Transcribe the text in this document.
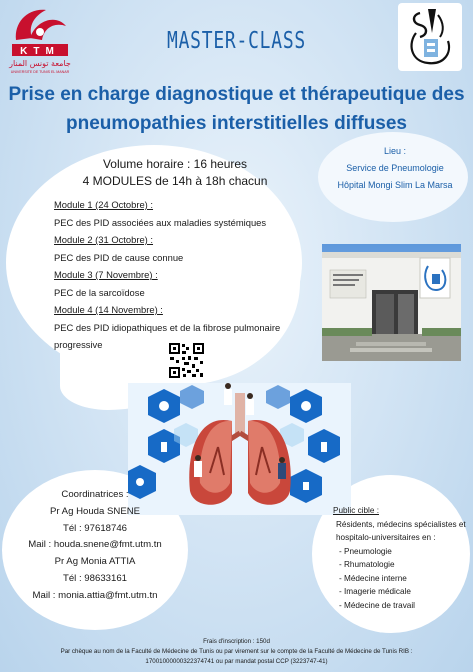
KTM
جامعة تونس المنار
UNIVERSITE DE TUNIS EL MANAR
MASTER-CLASS
Prise en charge diagnostique et thérapeutique des
pneumopathies interstitielles diffuses
Volume horaire : 16 heures
4 MODULES de 14h à 18h chacun
Lieu :
Service de Pneumologie
Hôpital Mongi Slim La Marsa
Module 1 (24 Octobre) :
PEC des PID associées aux maladies systémiques
Module 2 (31 Octobre) :
PEC des PID de cause connue
Module 3 (7 Novembre) :
PEC de la sarcoïdose
Module 4 (14 Novembre) :
PEC des PID idiopathiques et de la fibrose pulmonaire progressive
Coordinatrices :
Pr Ag Houda SNENE
Tél : 97618746
Mail : houda.snene@fmt.utm.tn
Pr Ag Monia ATTIA
Tél : 98633161
Mail : monia.attia@fmt.utm.tn
Public cible :
Résidents, médecins spécialistes et hospitalo-universitaires en :
- Pneumologie
- Rhumatologie
- Médecine interne
- Imagerie médicale
- Médecine de travail
Frais d'inscription : 150d
Par chèque au nom de la Faculté de Médecine de Tunis ou par virement sur le compte de la Faculté de Médecine de Tunis RIB :
17001000000322374741 ou par mandat postal CCP (3223747-41)
